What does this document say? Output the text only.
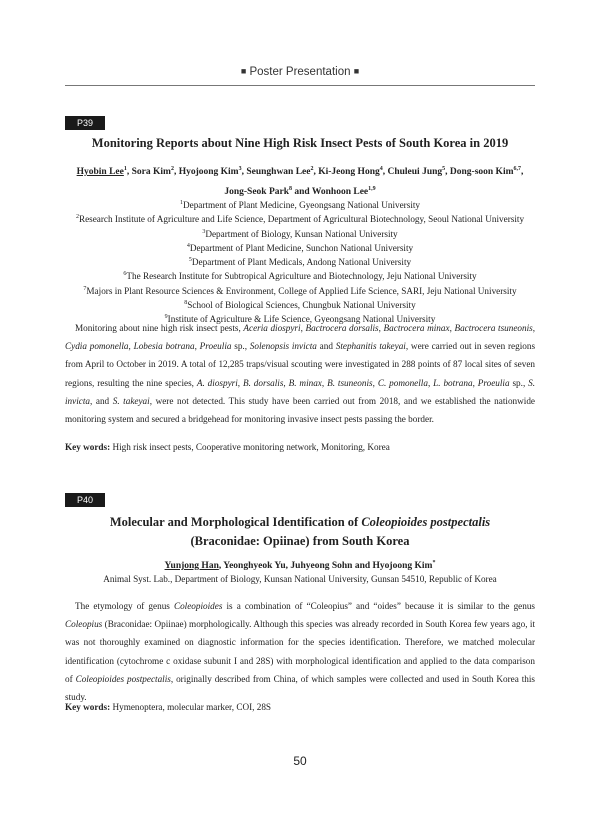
■ Poster Presentation ■
P39
Monitoring Reports about Nine High Risk Insect Pests of South Korea in 2019
Hyobin Lee$^1$, Sora Kim$^2$, Hyojoong Kim$^3$, Seunghwan Lee$^2$, Ki-Jeong Hong$^4$, Chuleui Jung$^5$, Dong-soon Kim$^{6,7}$,
Jong-Seok Park$^8$ and Wonhoon Lee$^{1,9}$
$^1$Department of Plant Medicine, Gyeongsang National University
$^2$Research Institute of Agriculture and Life Science, Department of Agricultural Biotechnology, Seoul National University
$^3$Department of Biology, Kunsan National University
$^4$Department of Plant Medicine, Sunchon National University
$^5$Department of Plant Medicals, Andong National University
$^6$The Research Institute for Subtropical Agriculture and Biotechnology, Jeju National University
$^7$Majors in Plant Resource Sciences & Environment, College of Applied Life Science, SARI, Jeju National University
$^8$School of Biological Sciences, Chungbuk National University
$^9$Institute of Agriculture & Life Science, Gyeongsang National University
Monitoring about nine high risk insect pests, Aceria diospyri, Bactrocera dorsalis, Bactrocera minax, Bactrocera tsuneonis, Cydia pomonella, Lobesia botrana, Proeulia sp., Solenopsis invicta and Stephanitis takeyai, were carried out in seven regions from April to October in 2019. A total of 12,285 traps/visual scouting were investigated in 288 points of 87 local sites of seven regions, resulting the nine species, A. diospyri, B. dorsalis, B. minax, B. tsuneonis, C. pomonella, L. botrana, Proeulia sp., S. invicta, and S. takeyai, were not detected. This study have been carried out from 2018, and we established the nationwide monitoring system and secured a bridgehead for monitoring invasive insect pests passing the border.
Key words: High risk insect pests, Cooperative monitoring network, Monitoring, Korea
P40
Molecular and Morphological Identification of Coleopioides postpectalis
(Braconidae: Opiinae) from South Korea
Yunjong Han, Yeonghyeok Yu, Juhyeong Sohn and Hyojoong Kim*
Animal Syst. Lab., Department of Biology, Kunsan National University, Gunsan 54510, Republic of Korea
The etymology of genus Coleopioides is a combination of “Coleopius” and “oides” because it is similar to the genus Coleopius (Braconidae: Opiinae) morphologically. Although this species was already recorded in South Korea few years ago, it was not thoroughly examined on diagnostic information for the species identification. Therefore, we matched molecular identification (cytochrome c oxidase subunit I and 28S) with morphological identification and applied to the data comparison of Coleopioides postpectalis, originally described from China, of which samples were collected and used in South Korea this study.
Key words: Hymenoptera, molecular marker, COI, 28S
50
